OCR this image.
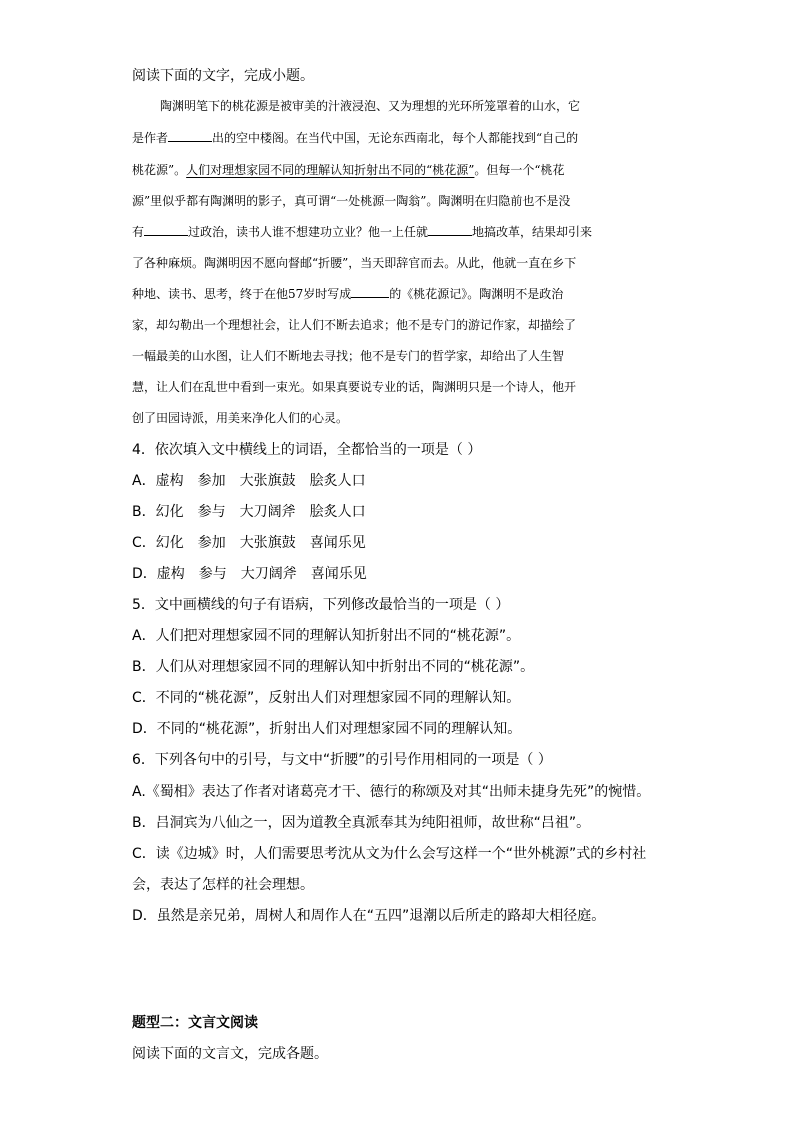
阅读下面的文字，完成小题。
陶渊明笔下的桃花源是被审美的汁液浸泡、又为理想的光环所笼罩着的山水，它
是作者	出的空中楼阁。在当代中国，无论东西南北，每个人都能找到“自己的
桃花源”。人们对理想家园不同的理解认知折射出不同的“桃花源”。但每一个“桃花
源”里似乎都有陶渊明的影子，真可谓“一处桃源一陶翁”。陶渊明在归隐前也不是没
有	过政治，读书人谁不想建功立业？他一上任就	地搞改革，结果却引来
了各种麻烦。陶渊明因不愿向督邮“折腰”，当天即辞官而去。从此，他就一直在乡下
种地、读书、思考，终于在他57岁时写成	的《桃花源记》。陶渊明不是政治
家，却勾勒出一个理想社会，让人们不断去追求；他不是专门的游记作家，却描绘了
一幅最美的山水图，让人们不断地去寻找；他不是专门的哲学家，却给出了人生智
慧，让人们在乱世中看到一束光。如果真要说专业的话，陶渊明只是一个诗人，他开
创了田园诗派，用美来净化人们的心灵。
4．依次填入文中横线上的词语，全都恰当的一项是（ ）
A．虚构 参加 大张旗鼓 脍炙人口
B．幻化 参与 大刀阔斧 脍炙人口
C．幻化 参加 大张旗鼓 喜闻乐见
D．虚构 参与 大刀阔斧 喜闻乐见
5．文中画横线的句子有语病，下列修改最恰当的一项是（ ）
A．人们把对理想家园不同的理解认知折射出不同的“桃花源”。
B．人们从对理想家园不同的理解认知中折射出不同的“桃花源”。
C．不同的“桃花源”，反射出人们对理想家园不同的理解认知。
D．不同的“桃花源”，折射出人们对理想家园不同的理解认知。
6．下列各句中的引号，与文中“折腰”的引号作用相同的一项是（ ）
A.《蜀相》表达了作者对诸葛亮才干、德行的称颂及对其“出师未捷身先死”的惋惜。
B．吕洞宾为八仙之一，因为道教全真派奉其为纯阳祖师，故世称“吕祖”。
C．读《边城》时，人们需要思考沈从文为什么会写这样一个“世外桃源”式的乡村社
会，表达了怎样的社会理想。
D．虽然是亲兄弟，周树人和周作人在“五四”退潮以后所走的路却大相径庭。
题型二：文言文阅读
阅读下面的文言文，完成各题。
